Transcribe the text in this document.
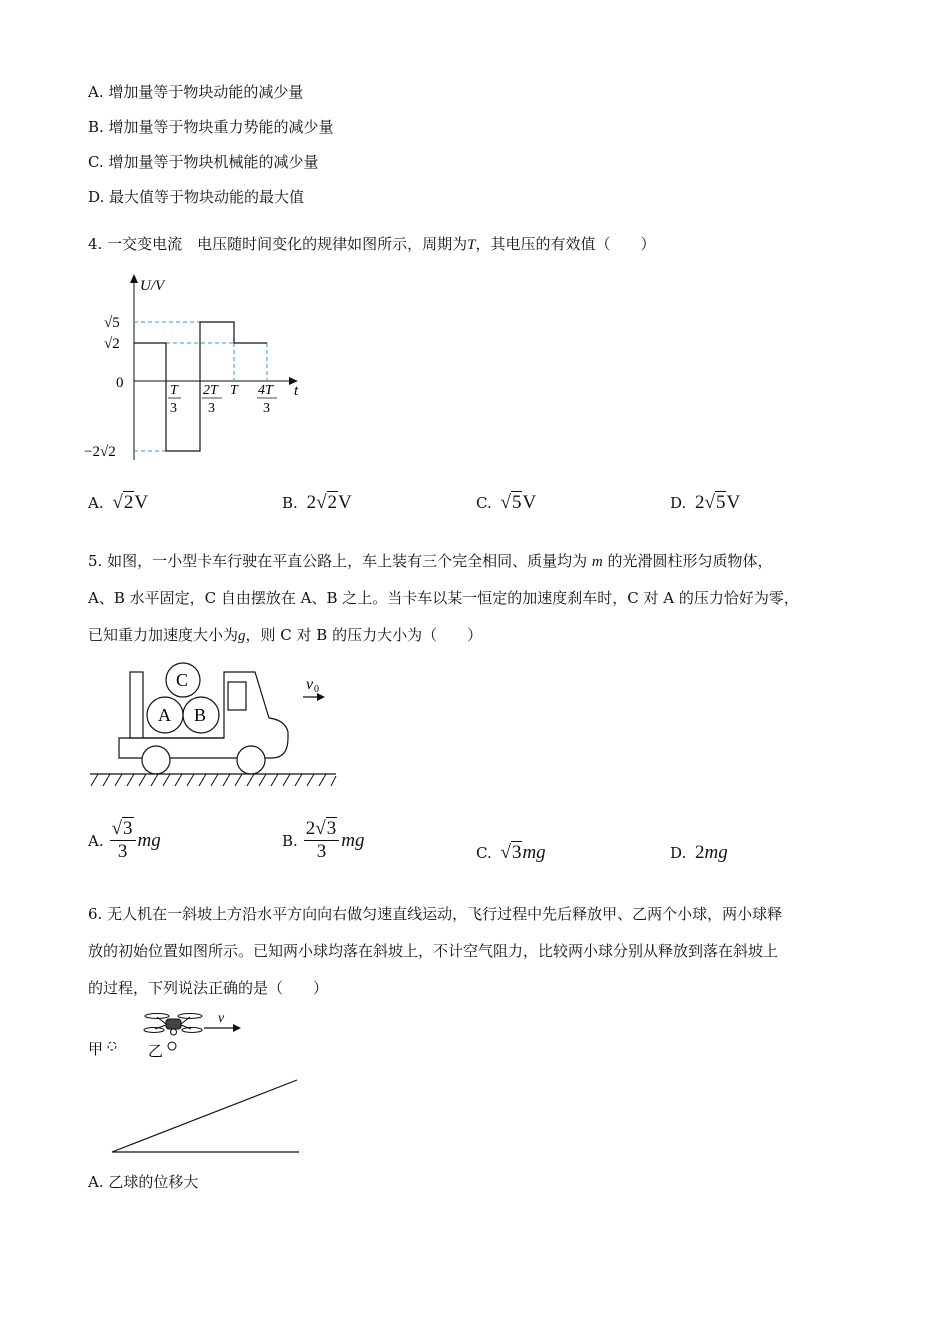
A. 增加量等于物块动能的减少量
B. 增加量等于物块重力势能的减少量
C. 增加量等于物块机械能的减少量
D. 最大值等于物块动能的最大值
4. 一交变电流　电压随时间变化的规律如图所示，周期为T，其电压的有效值（　　）
U/V
t
0
√5
√2
−2√2
T
3
2T
3
T 4T
3
A. √2V	B. 2√2V	C. √5V	D. 2√5V
5. 如图，一小型卡车行驶在平直公路上，车上装有三个完全相同、质量均为 m 的光滑圆柱形匀质物体，
A、B 水平固定，C 自由摆放在 A、B 之上。当卡车以某一恒定的加速度刹车时，C 对 A 的压力恰好为零，
已知重力加速度大小为g，则 C 对 B 的压力大小为（　　）
v 0
C
A B
A. $\frac{√3}{3}$ mg	B. $\frac{2√3}{3}$ mg
C. √3mg	D. 2mg
6. 无人机在一斜坡上方沿水平方向向右做匀速直线运动，飞行过程中先后释放甲、乙两个小球，两小球释
放的初始位置如图所示。已知两小球均落在斜坡上，不计空气阻力，比较两小球分别从释放到落在斜坡上
的过程，下列说法正确的是（　　）
v
甲	乙
A. 乙球的位移大
